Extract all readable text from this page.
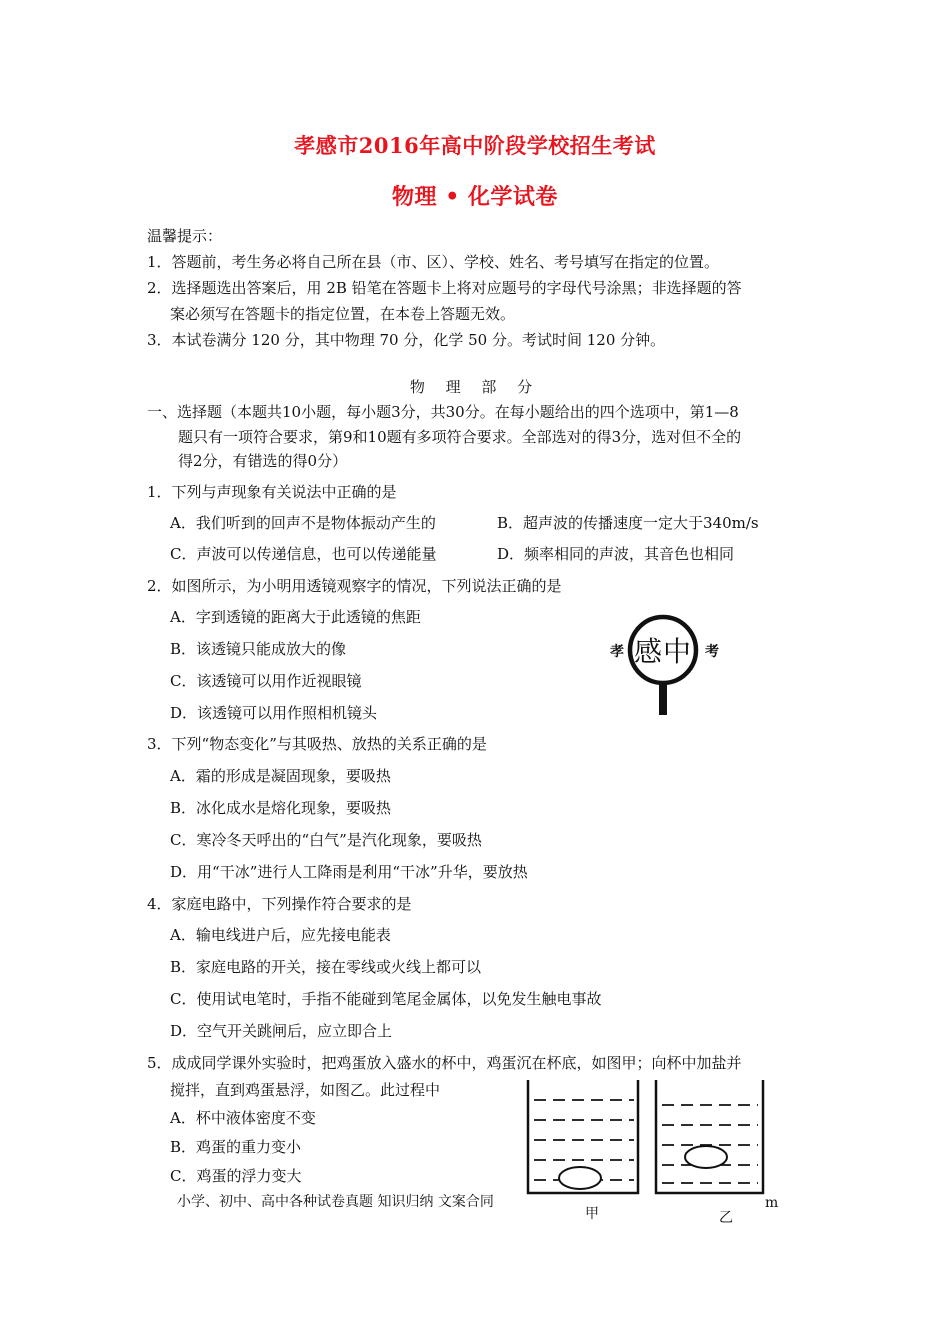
孝感市2016年高中阶段学校招生考试
物理 • 化学试卷
温馨提示：
1．答题前，考生务必将自己所在县（市、区）、学校、姓名、考号填写在指定的位置。
2．选择题选出答案后，用 2B 铅笔在答题卡上将对应题号的字母代号涂黑；非选择题的答
案必须写在答题卡的指定位置，在本卷上答题无效。
3．本试卷满分 120 分，其中物理 70 分，化学 50 分。考试时间 120 分钟。
物 理 部 分
一、选择题（本题共10小题，每小题3分，共30分。在每小题给出的四个选项中，第1—8
题只有一项符合要求，第9和10题有多项符合要求。全部选对的得3分，选对但不全的
得2分，有错选的得0分）
1．下列与声现象有关说法中正确的是
A．我们听到的回声不是物体振动产生的	B．超声波的传播速度一定大于340m/s
C．声波可以传递信息，也可以传递能量	D．频率相同的声波，其音色也相同
2．如图所示，为小明用透镜观察字的情况，下列说法正确的是
A．字到透镜的距离大于此透镜的焦距
B．该透镜只能成放大的像
C．该透镜可以用作近视眼镜
D．该透镜可以用作照相机镜头
孝 感中 考
3．下列“物态变化”与其吸热、放热的关系正确的是
A．霜的形成是凝固现象，要吸热
B．冰化成水是熔化现象，要吸热
C．寒冷冬天呼出的“白气”是汽化现象，要吸热
D．用“干冰”进行人工降雨是利用“干冰”升华，要放热
4．家庭电路中，下列操作符合要求的是
A．输电线进户后，应先接电能表
B．家庭电路的开关，接在零线或火线上都可以
C．使用试电笔时，手指不能碰到笔尾金属体，以免发生触电事故
D．空气开关跳闸后，应立即合上
5．成成同学课外实验时，把鸡蛋放入盛水的杯中，鸡蛋沉在杯底，如图甲；向杯中加盐并
搅拌，直到鸡蛋悬浮，如图乙。此过程中
A．杯中液体密度不变
B．鸡蛋的重力变小
C．鸡蛋的浮力变大
甲	乙
小学、初中、高中各种试卷真题 知识归纳 文案合同	m
